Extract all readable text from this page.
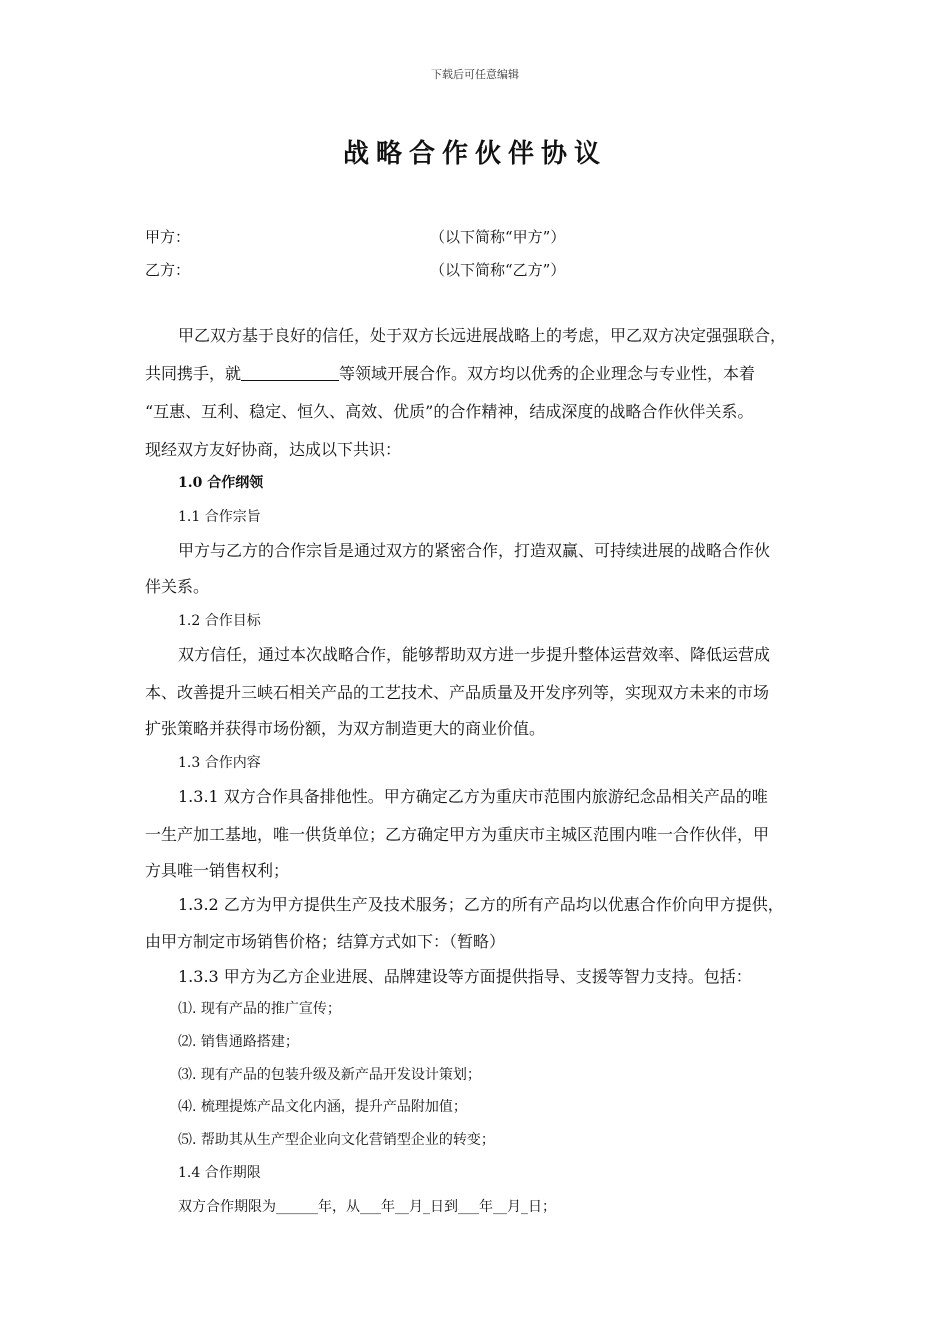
下载后可任意编辑
战略合作伙伴协议
甲方：	（以下简称“甲方”）
乙方：	（以下简称“乙方”）
甲乙双方基于良好的信任，处于双方长远进展战略上的考虑，甲乙双方决定强强联合，
共同携手，就	等领域开展合作。双方均以优秀的企业理念与专业性，本着
“互惠、互利、稳定、恒久、高效、优质”的合作精神，结成深度的战略合作伙伴关系。
现经双方友好协商，达成以下共识：
1.0 合作纲领
1.1 合作宗旨
甲方与乙方的合作宗旨是通过双方的紧密合作，打造双赢、可持续进展的战略合作伙
伴关系。
1.2 合作目标
双方信任，通过本次战略合作，能够帮助双方进一步提升整体运营效率、降低运营成
本、改善提升三峡石相关产品的工艺技术、产品质量及开发序列等，实现双方未来的市场
扩张策略并获得市场份额，为双方制造更大的商业价值。
1.3 合作内容
1.3.1 双方合作具备排他性。甲方确定乙方为重庆市范围内旅游纪念品相关产品的唯
一生产加工基地，唯一供货单位；乙方确定甲方为重庆市主城区范围内唯一合作伙伴，甲
方具唯一销售权利；
1.3.2 乙方为甲方提供生产及技术服务；乙方的所有产品均以优惠合作价向甲方提供，
由甲方制定市场销售价格；结算方式如下：（暂略）
1.3.3 甲方为乙方企业进展、品牌建设等方面提供指导、支援等智力支持。包括：
⑴. 现有产品的推广宣传；
⑵. 销售通路搭建；
⑶. 现有产品的包装升级及新产品开发设计策划；
⑷. 梳理提炼产品文化内涵，提升产品附加值；
⑸. 帮助其从生产型企业向文化营销型企业的转变；
1.4 合作期限
双方合作期限为______年，从___年__月_日到___年__月_日；
